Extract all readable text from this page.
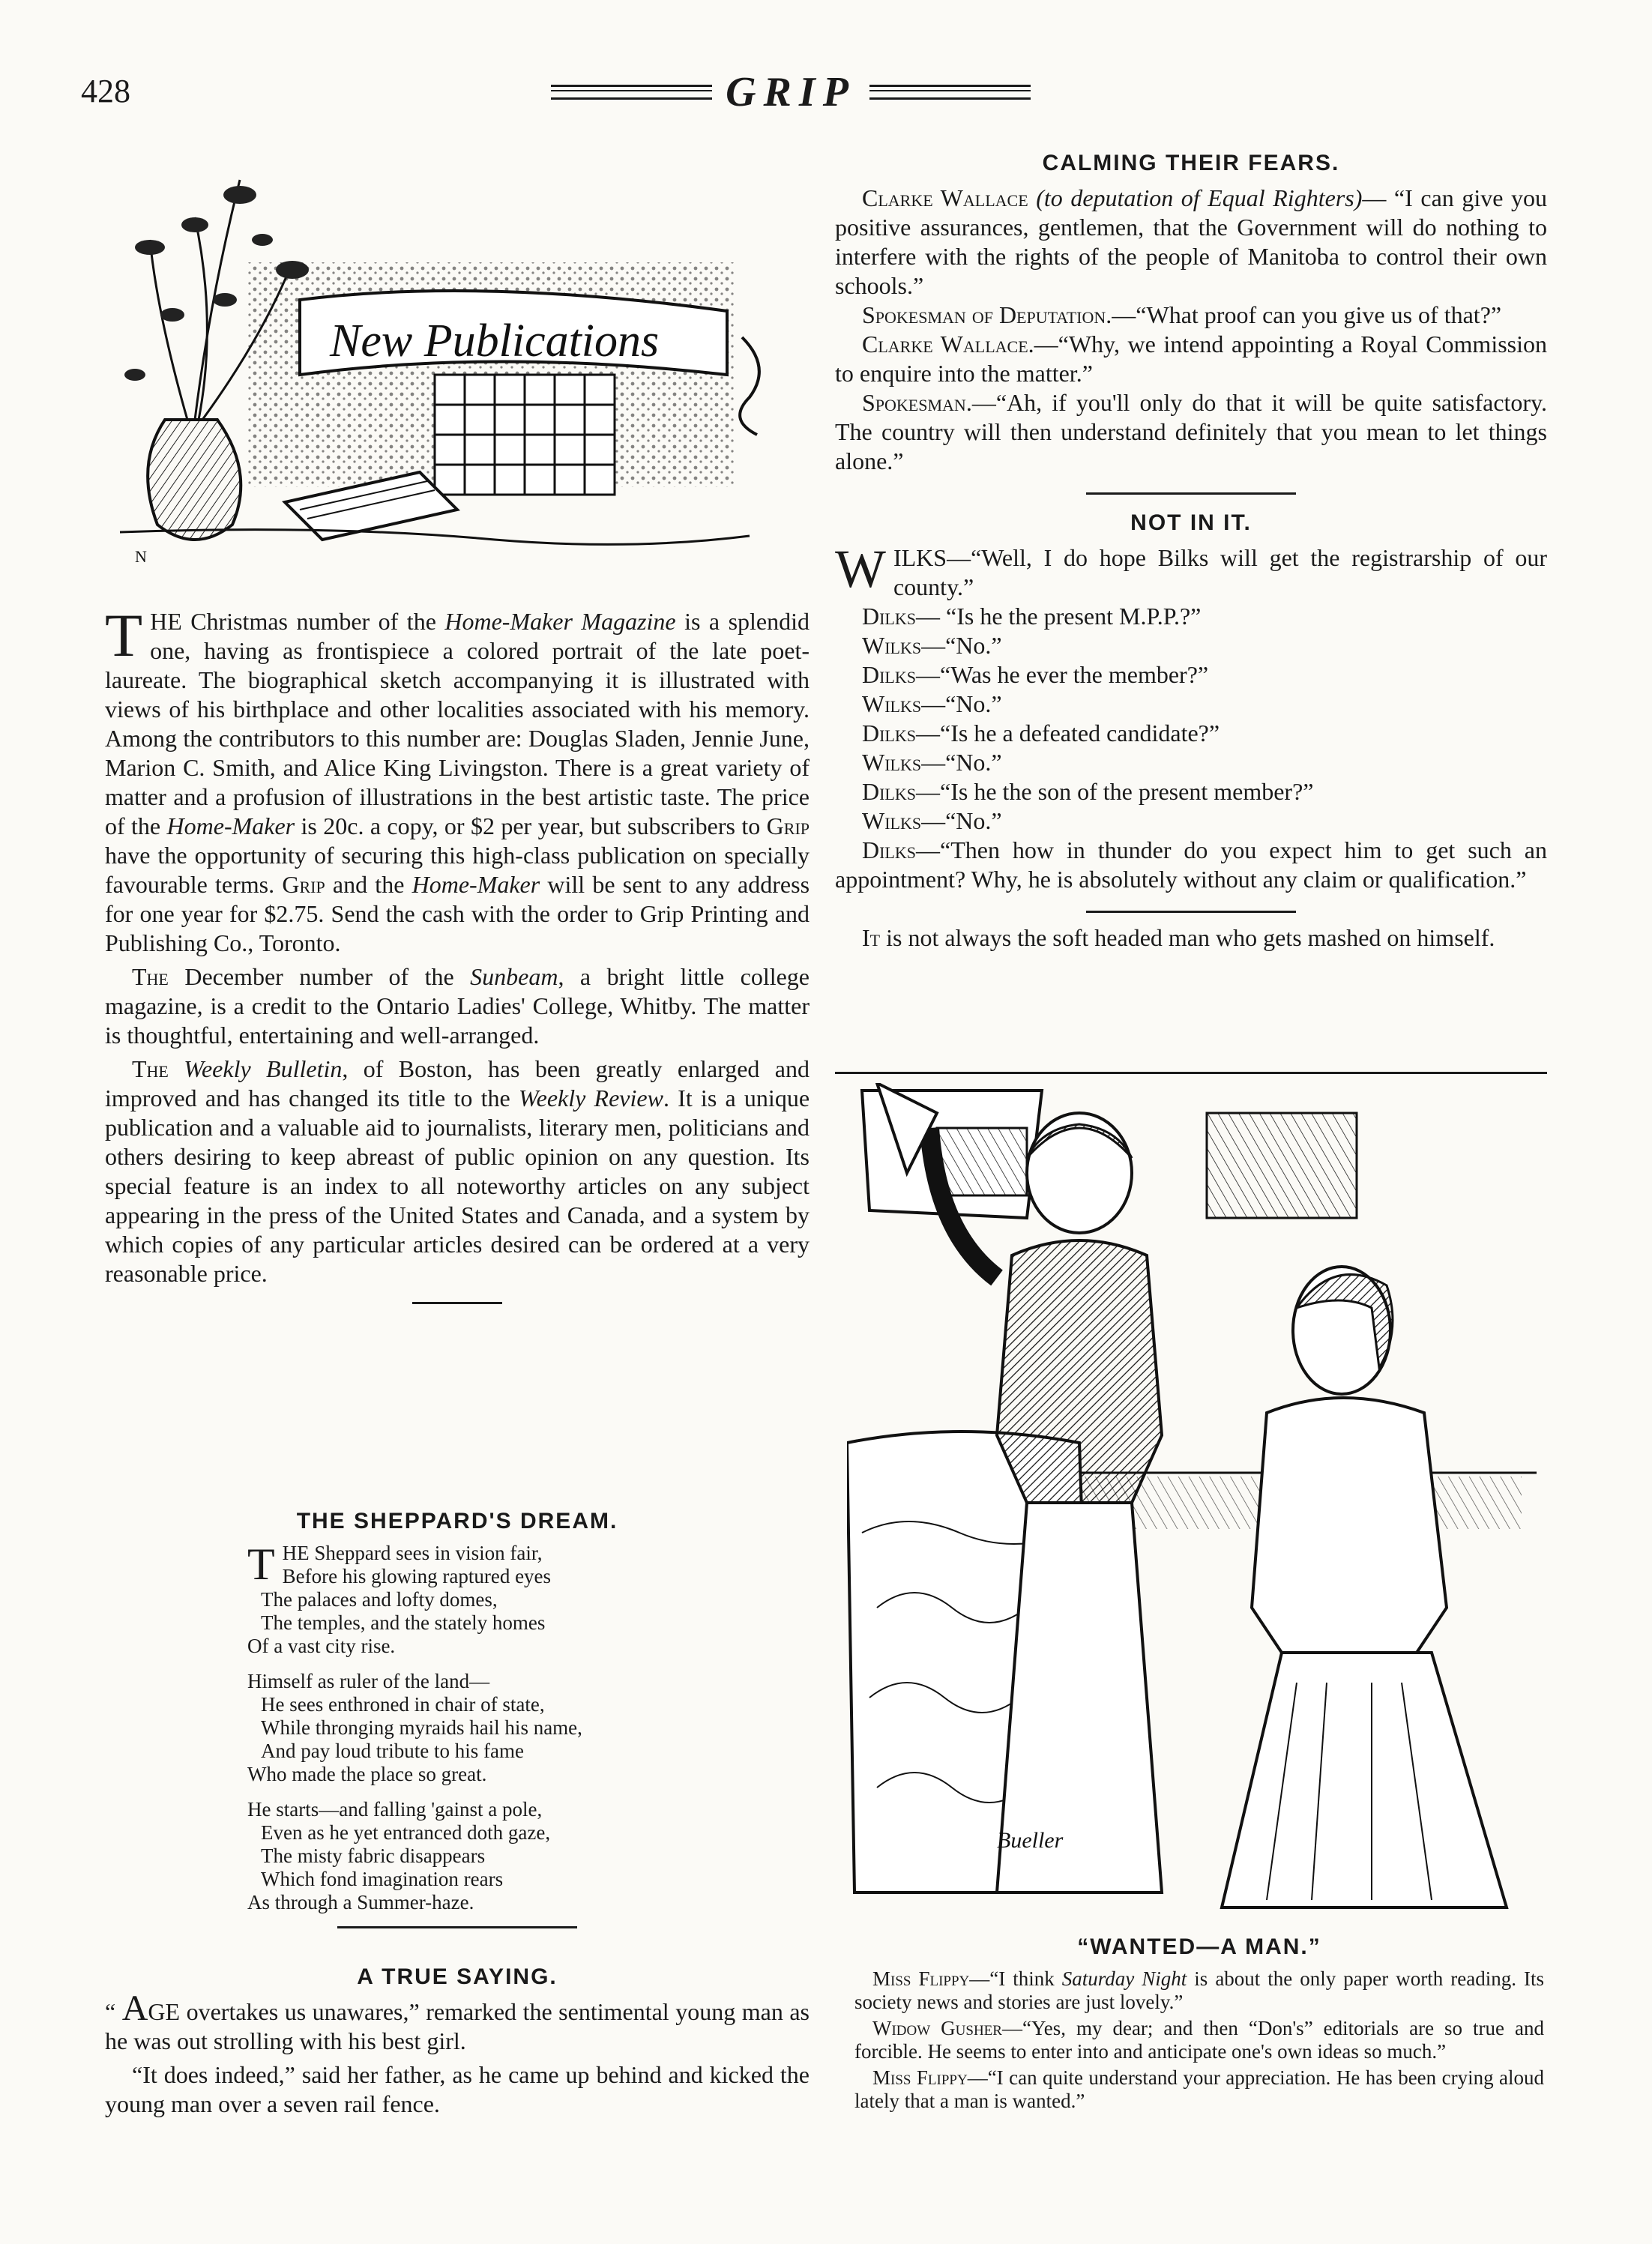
428	GRIP
New Publications
N

THE Christmas number of the Home-Maker Magazine is a splendid one, having as frontispiece a colored portrait of the late poet-laureate. The biographical sketch accompanying it is illustrated with views of his birthplace and other localities associated with his memory. Among the contributors to this number are: Douglas Sladen, Jennie June, Marion C. Smith, and Alice King Livingston. There is a great variety of matter and a profusion of illustrations in the best artistic taste. The price of the Home-Maker is 20c. a copy, or $2 per year, but subscribers to Grip have the opportunity of securing this high-class publication on specially favourable terms. Grip and the Home-Maker will be sent to any address for one year for $2.75. Send the cash with the order to Grip Printing and Publishing Co., Toronto.

The December number of the Sunbeam, a bright little college magazine, is a credit to the Ontario Ladies' College, Whitby. The matter is thoughtful, entertaining and well-arranged.

The Weekly Bulletin, of Boston, has been greatly enlarged and improved and has changed its title to the Weekly Review. It is a unique publication and a valuable aid to journalists, literary men, politicians and others desiring to keep abreast of public opinion on any question. Its special feature is an index to all noteworthy articles on any subject appearing in the press of the United States and Canada, and a system by which copies of any particular articles desired can be ordered at a very reasonable price.

THE SHEPPARD'S DREAM.
T HE Sheppard sees in vision fair,
Before his glowing raptured eyes
The palaces and lofty domes,
The temples, and the stately homes
Of a vast city rise.
Himself as ruler of the land—
He sees enthroned in chair of state,
While thronging myraids hail his name,
And pay loud tribute to his fame
Who made the place so great.
He starts—and falling 'gainst a pole,
Even as he yet entranced doth gaze,
The misty fabric disappears
Which fond imagination rears
As through a Summer-haze.
A TRUE SAYING.

“ AGE overtakes us unawares,” remarked the sentimental young man as he was out strolling with his best girl.

“It does indeed,” said her father, as he came up behind and kicked the young man over a seven rail fence.

CALMING THEIR FEARS.

Clarke Wallace (to deputation of Equal Righters)— “I can give you positive assurances, gentlemen, that the Government will do nothing to interfere with the rights of the people of Manitoba to control their own schools.”

Spokesman of Deputation.—“What proof can you give us of that?”

Clarke Wallace.—“Why, we intend appointing a Royal Commission to enquire into the matter.”

Spokesman.—“Ah, if you'll only do that it will be quite satisfactory. The country will then understand definitely that you mean to let things alone.”

NOT IN IT.

WILKS—“Well, I do hope Bilks will get the registrarship of our county.”

Dilks— “Is he the present M.P.P.?”

Wilks—“No.”

Dilks—“Was he ever the member?”

Wilks—“No.”

Dilks—“Is he a defeated candidate?”

Wilks—“No.”

Dilks—“Is he the son of the present member?”

Wilks—“No.”

Dilks—“Then how in thunder do you expect him to get such an appointment? Why, he is absolutely without any claim or qualification.”

It is not always the soft headed man who gets mashed on himself.

Bueller
“WANTED—A MAN.”

Miss Flippy—“I think Saturday Night is about the only paper worth reading. Its society news and stories are just lovely.”

Widow Gusher—“Yes, my dear; and then “Don's” editorials are so true and forcible. He seems to enter into and anticipate one's own ideas so much.”

Miss Flippy—“I can quite understand your appreciation. He has been crying aloud lately that a man is wanted.”
